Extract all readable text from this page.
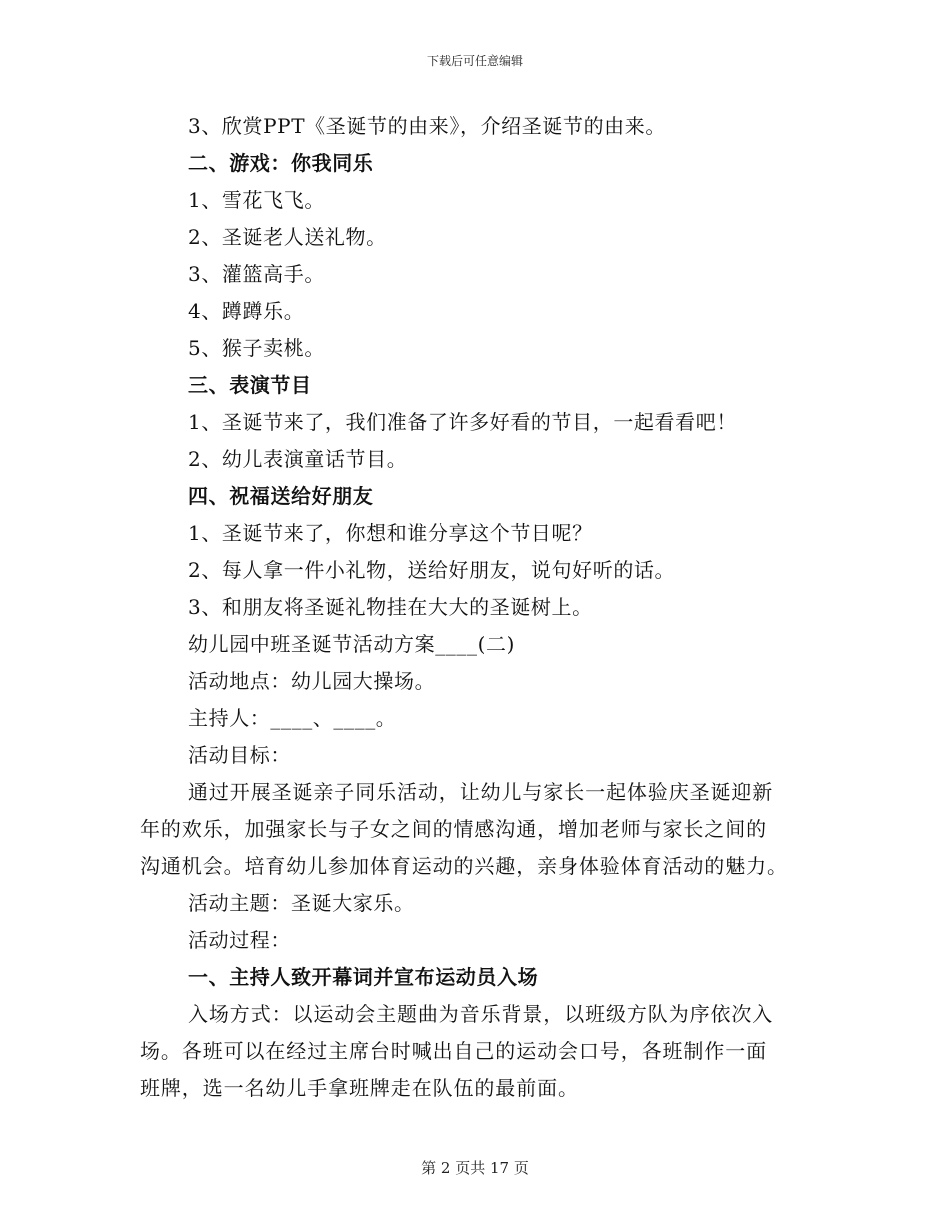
下载后可任意编辑
3、欣赏PPT《圣诞节的由来》，介绍圣诞节的由来。
二、游戏：你我同乐
1、雪花飞飞。
2、圣诞老人送礼物。
3、灌篮高手。
4、蹲蹲乐。
5、猴子卖桃。
三、表演节目
1、圣诞节来了，我们准备了许多好看的节目，一起看看吧！
2、幼儿表演童话节目。
四、祝福送给好朋友
1、圣诞节来了，你想和谁分享这个节日呢？
2、每人拿一件小礼物，送给好朋友，说句好听的话。
3、和朋友将圣诞礼物挂在大大的圣诞树上。
幼儿园中班圣诞节活动方案____(二)
活动地点：幼儿园大操场。
主持人：____、____。
活动目标：
通过开展圣诞亲子同乐活动，让幼儿与家长一起体验庆圣诞迎新
年的欢乐，加强家长与子女之间的情感沟通，增加老师与家长之间的
沟通机会。培育幼儿参加体育运动的兴趣，亲身体验体育活动的魅力。
活动主题：圣诞大家乐。
活动过程：
一、主持人致开幕词并宣布运动员入场
入场方式：以运动会主题曲为音乐背景，以班级方队为序依次入
场。各班可以在经过主席台时喊出自己的运动会口号，各班制作一面
班牌，选一名幼儿手拿班牌走在队伍的最前面。
第 2 页共 17 页
